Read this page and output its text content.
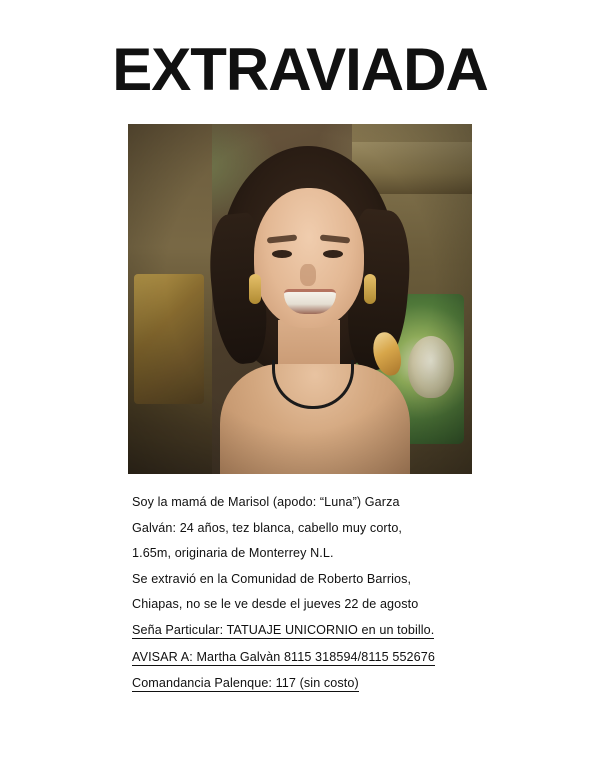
EXTRAVIADA

Soy la mamá de Marisol (apodo: “Luna”) Garza

Galván: 24 años, tez blanca, cabello muy corto,

1.65m, originaria de Monterrey N.L.

Se extravió en la Comunidad de Roberto Barrios,

Chiapas, no se le ve desde el jueves 22 de agosto

Seña Particular: TATUAJE UNICORNIO en un tobillo.

AVISAR A: Martha Galvàn 8115 318594/8115 552676

Comandancia Palenque: 117 (sin costo)
